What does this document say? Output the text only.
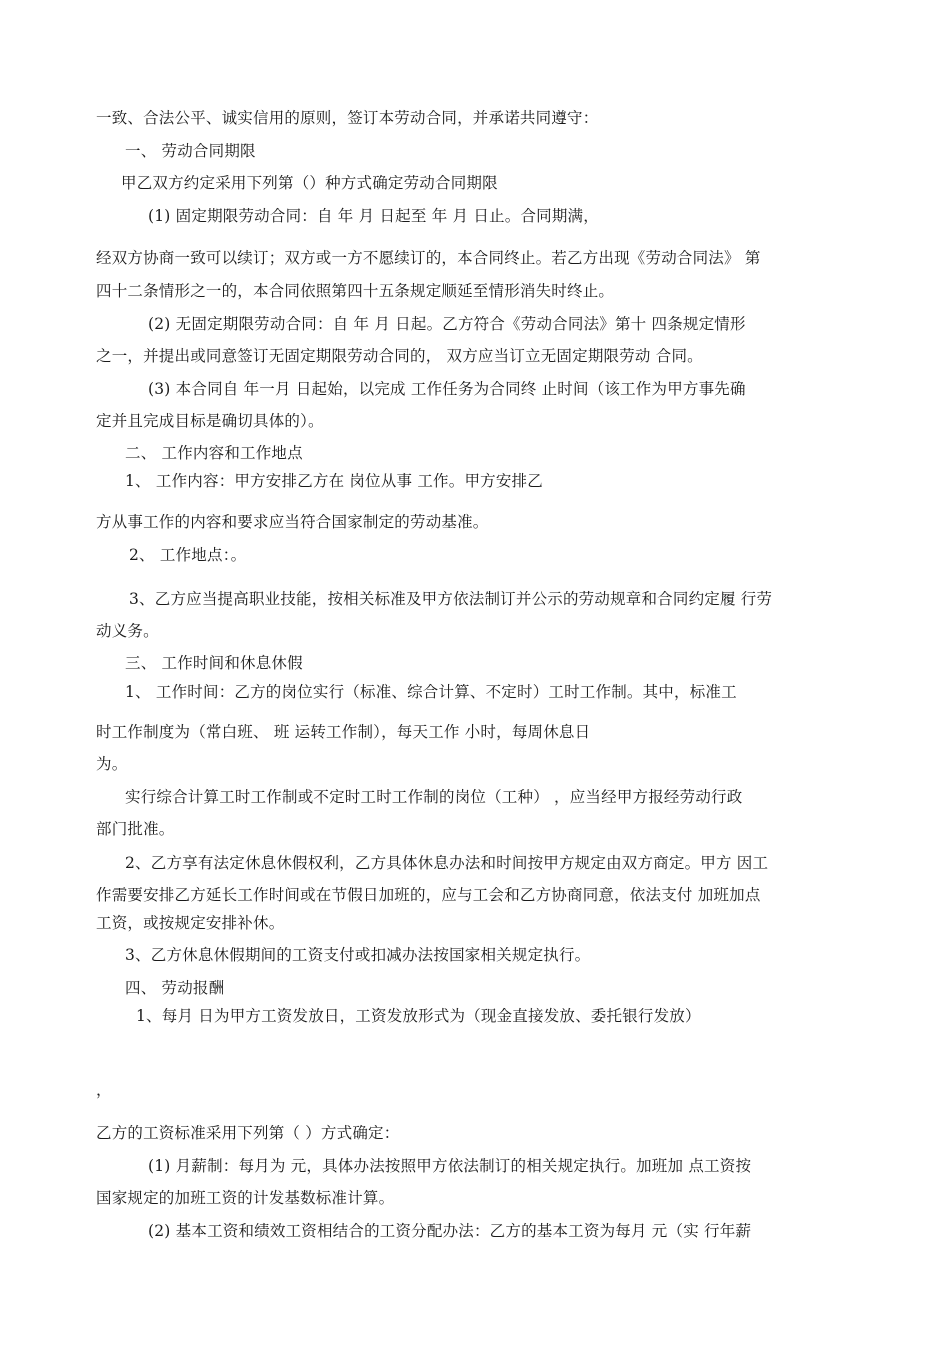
一致、合法公平、诚实信用的原则，签订本劳动合同，并承诺共同遵守：
一、 劳动合同期限
甲乙双方约定采用下列第（）种方式确定劳动合同期限
(1) 固定期限劳动合同：自 年 月 日起至 年 月 日止。合同期满，
经双方协商一致可以续订；双方或一方不愿续订的，本合同终止。若乙方出现《劳动合同法》 第
四十二条情形之一的，本合同依照第四十五条规定顺延至情形消失时终止。
(2) 无固定期限劳动合同：自 年 月 日起。乙方符合《劳动合同法》第十 四条规定情形
之一，并提出或同意签订无固定期限劳动合同的， 双方应当订立无固定期限劳动 合同。
(3) 本合同自 年一月 日起始，以完成 工作任务为合同终 止时间（该工作为甲方事先确
定并且完成目标是确切具体的）。
二、 工作内容和工作地点
1、 工作内容：甲方安排乙方在 岗位从事 工作。甲方安排乙
方从事工作的内容和要求应当符合国家制定的劳动基准。
2、 工作地点：。
3、乙方应当提高职业技能，按相关标准及甲方依法制订并公示的劳动规章和合同约定履 行劳
动义务。
三、 工作时间和休息休假
1、 工作时间：乙方的岗位实行（标准、综合计算、不定时）工时工作制。其中，标准工
时工作制度为（常白班、 班 运转工作制），每天工作 小时，每周休息日
为。
实行综合计算工时工作制或不定时工时工作制的岗位（工种） ，应当经甲方报经劳动行政
部门批准。
2、乙方享有法定休息休假权利，乙方具体休息办法和时间按甲方规定由双方商定。甲方 因工
作需要安排乙方延长工作时间或在节假日加班的，应与工会和乙方协商同意，依法支付 加班加点
工资，或按规定安排补休。
3、乙方休息休假期间的工资支付或扣减办法按国家相关规定执行。
四、 劳动报酬
1、每月 日为甲方工资发放日，工资发放形式为（现金直接发放、委托银行发放）
，
乙方的工资标准采用下列第（ ）方式确定：
(1) 月薪制：每月为 元，具体办法按照甲方依法制订的相关规定执行。加班加 点工资按
国家规定的加班工资的计发基数标准计算。
(2) 基本工资和绩效工资相结合的工资分配办法：乙方的基本工资为每月 元（实 行年薪
